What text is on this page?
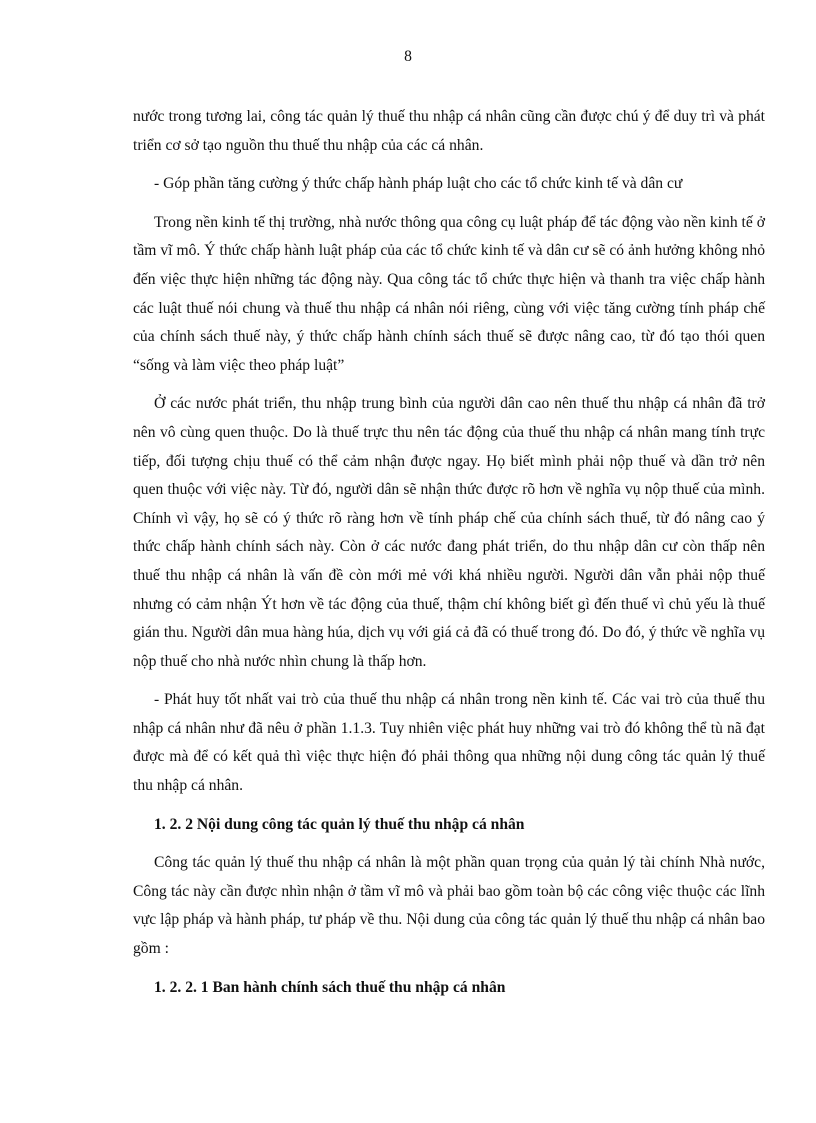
8

nước trong tương lai, công tác quản lý thuế thu nhập cá nhân cũng cần được chú ý để duy trì và phát triển cơ sở tạo nguồn thu thuế thu nhập của các cá nhân.

- Góp phần tăng cường ý thức chấp hành pháp luật cho các tổ chức kinh tế và dân cư

Trong nền kinh tế thị trường, nhà nước thông qua công cụ luật pháp để tác động vào nền kinh tế ở tầm vĩ mô. Ý thức chấp hành luật pháp của các tổ chức kinh tế và dân cư sẽ có ảnh hưởng không nhỏ đến việc thực hiện những tác động này. Qua công tác tổ chức thực hiện và thanh tra việc chấp hành các luật thuế nói chung và thuế thu nhập cá nhân nói riêng, cùng với việc tăng cường tính pháp chế của chính sách thuế này, ý thức chấp hành chính sách thuế sẽ được nâng cao, từ đó tạo thói quen “sống và làm việc theo pháp luật”

Ở các nước phát triển, thu nhập trung bình của người dân cao nên thuế thu nhập cá nhân đã trở nên vô cùng quen thuộc. Do là thuế trực thu nên tác động của thuế thu nhập cá nhân mang tính trực tiếp, đối tượng chịu thuế có thể cảm nhận được ngay. Họ biết mình phải nộp thuế và dần trở nên quen thuộc với việc này. Từ đó, người dân sẽ nhận thức được rõ hơn về nghĩa vụ nộp thuế của mình. Chính vì vậy, họ sẽ có ý thức rõ ràng hơn về tính pháp chế của chính sách thuế, từ đó nâng cao ý thức chấp hành chính sách này. Còn ở các nước đang phát triển, do thu nhập dân cư còn thấp nên thuế thu nhập cá nhân là vấn đề còn mới mẻ với khá nhiều người. Người dân vẫn phải nộp thuế nhưng có cảm nhận Ýt hơn về tác động của thuế, thậm chí không biết gì đến thuế vì chủ yếu là thuế gián thu. Người dân mua hàng húa, dịch vụ với giá cả đã có thuế trong đó. Do đó, ý thức về nghĩa vụ nộp thuế cho nhà nước nhìn chung là thấp hơn.

- Phát huy tốt nhất vai trò của thuế thu nhập cá nhân trong nền kinh tế. Các vai trò của thuế thu nhập cá nhân như đã nêu ở phần 1.1.3. Tuy nhiên việc phát huy những vai trò đó không thể tù nã đạt được mà để có kết quả thì việc thực hiện đó phải thông qua những nội dung công tác quản lý thuế thu nhập cá nhân.

1. 2. 2 Nội dung công tác quản lý thuế thu nhập cá nhân

Công tác quản lý thuế thu nhập cá nhân là một phần quan trọng của quản lý tài chính Nhà nước, Công tác này cần được nhìn nhận ở tầm vĩ mô và phải bao gồm toàn bộ các công việc thuộc các lĩnh vực lập pháp và hành pháp, tư pháp về thu. Nội dung của công tác quản lý thuế thu nhập cá nhân bao gồm :

1. 2. 2. 1 Ban hành chính sách thuế thu nhập cá nhân
